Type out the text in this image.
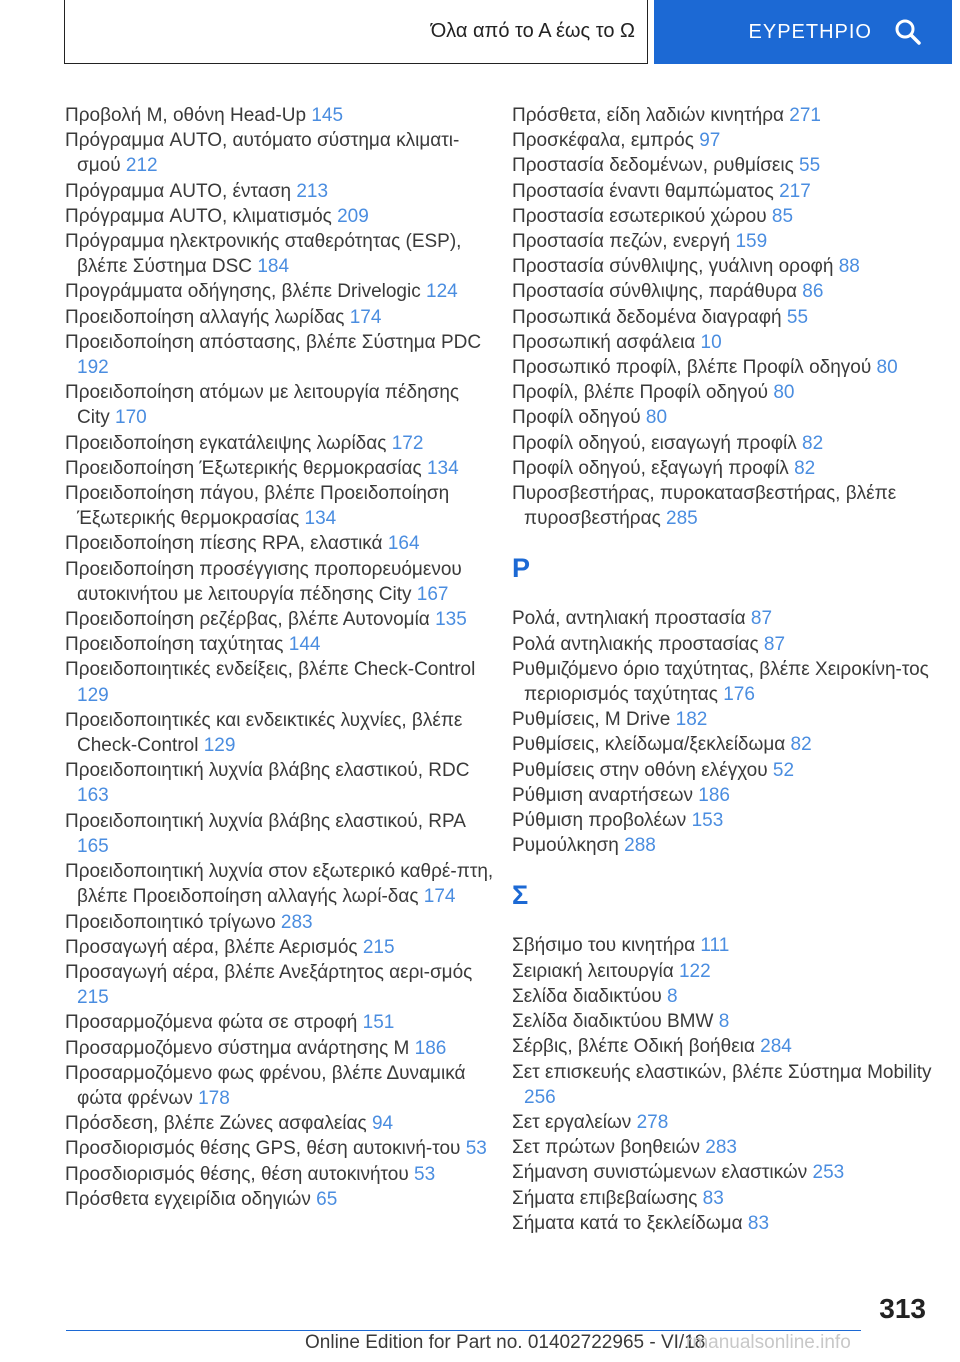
Όλα από το Α έως το Ω	ΕΥΡΕΤΗΡΙΟ
Προβολή M, οθόνη Head-Up 145
Πρόγραμμα AUTO, αυτόματο σύστημα κλιματι-σμού 212
Πρόγραμμα AUTO, ένταση 213
Πρόγραμμα AUTO, κλιματισμός 209
Πρόγραμμα ηλεκτρονικής σταθερότητας (ESP), βλέπε Σύστημα DSC 184
Προγράμματα οδήγησης, βλέπε Drivelogic 124
Προειδοποίηση αλλαγής λωρίδας 174
Προειδοποίηση απόστασης, βλέπε Σύστημα PDC 192
Προειδοποίηση ατόμων με λειτουργία πέδησης City 170
Προειδοποίηση εγκατάλειψης λωρίδας 172
Προειδοποίηση Έξωτερικής θερμοκρασίας 134
Προειδοποίηση πάγου, βλέπε Προειδοποίηση Έξωτερικής θερμοκρασίας 134
Προειδοποίηση πίεσης RPA, ελαστικά 164
Προειδοποίηση προσέγγισης προπορευόμενου αυτοκινήτου με λειτουργία πέδησης City 167
Προειδοποίηση ρεζέρβας, βλέπε Αυτονομία 135
Προειδοποίηση ταχύτητας 144
Προειδοποιητικές ενδείξεις, βλέπε Check-Control 129
Προειδοποιητικές και ενδεικτικές λυχνίες, βλέπε Check-Control 129
Προειδοποιητική λυχνία βλάβης ελαστικού, RDC 163
Προειδοποιητική λυχνία βλάβης ελαστικού, RPA 165
Προειδοποιητική λυχνία στον εξωτερικό καθρέ-πτη, βλέπε Προειδοποίηση αλλαγής λωρί-δας 174
Προειδοποιητικό τρίγωνο 283
Προσαγωγή αέρα, βλέπε Αερισμός 215
Προσαγωγή αέρα, βλέπε Ανεξάρτητος αερι-σμός 215
Προσαρμοζόμενα φώτα σε στροφή 151
Προσαρμοζόμενο σύστημα ανάρτησης M 186
Προσαρμοζόμενο φως φρένου, βλέπε Δυναμικά φώτα φρένων 178
Πρόσδεση, βλέπε Ζώνες ασφαλείας 94
Προσδιορισμός θέσης GPS, θέση αυτοκινή-του 53
Προσδιορισμός θέσης, θέση αυτοκινήτου 53
Πρόσθετα εγχειρίδια οδηγιών 65
Πρόσθετα, είδη λαδιών κινητήρα 271
Προσκέφαλα, εμπρός 97
Προστασία δεδομένων, ρυθμίσεις 55
Προστασία έναντι θαμπώματος 217
Προστασία εσωτερικού χώρου 85
Προστασία πεζών, ενεργή 159
Προστασία σύνθλιψης, γυάλινη οροφή 88
Προστασία σύνθλιψης, παράθυρα 86
Προσωπικά δεδομένα διαγραφή 55
Προσωπική ασφάλεια 10
Προσωπικό προφίλ, βλέπε Προφίλ οδηγού 80
Προφίλ, βλέπε Προφίλ οδηγού 80
Προφίλ οδηγού 80
Προφίλ οδηγού, εισαγωγή προφίλ 82
Προφίλ οδηγού, εξαγωγή προφίλ 82
Πυροσβεστήρας, πυροκατασβεστήρας, βλέπε πυροσβεστήρας 285
Ρ
Ρολά, αντηλιακή προστασία 87
Ρολά αντηλιακής προστασίας 87
Ρυθμιζόμενο όριο ταχύτητας, βλέπε Χειροκίνη-τος περιορισμός ταχύτητας 176
Ρυθμίσεις, M Drive 182
Ρυθμίσεις, κλείδωμα/ξεκλείδωμα 82
Ρυθμίσεις στην οθόνη ελέγχου 52
Ρύθμιση αναρτήσεων 186
Ρύθμιση προβολέων 153
Ρυμούλκηση 288
Σ
Σβήσιμο του κινητήρα 111
Σειριακή λειτουργία 122
Σελίδα διαδικτύου 8
Σελίδα διαδικτύου BMW 8
Σέρβις, βλέπε Οδική βοήθεια 284
Σετ επισκευής ελαστικών, βλέπε Σύστημα Mobility 256
Σετ εργαλείων 278
Σετ πρώτων βοηθειών 283
Σήμανση συνιστώμενων ελαστικών 253
Σήματα επιβεβαίωσης 83
Σήματα κατά το ξεκλείδωμα 83
313
Online Edition for Part no. 01402722965 - VI/18
rmanualsonline.info
